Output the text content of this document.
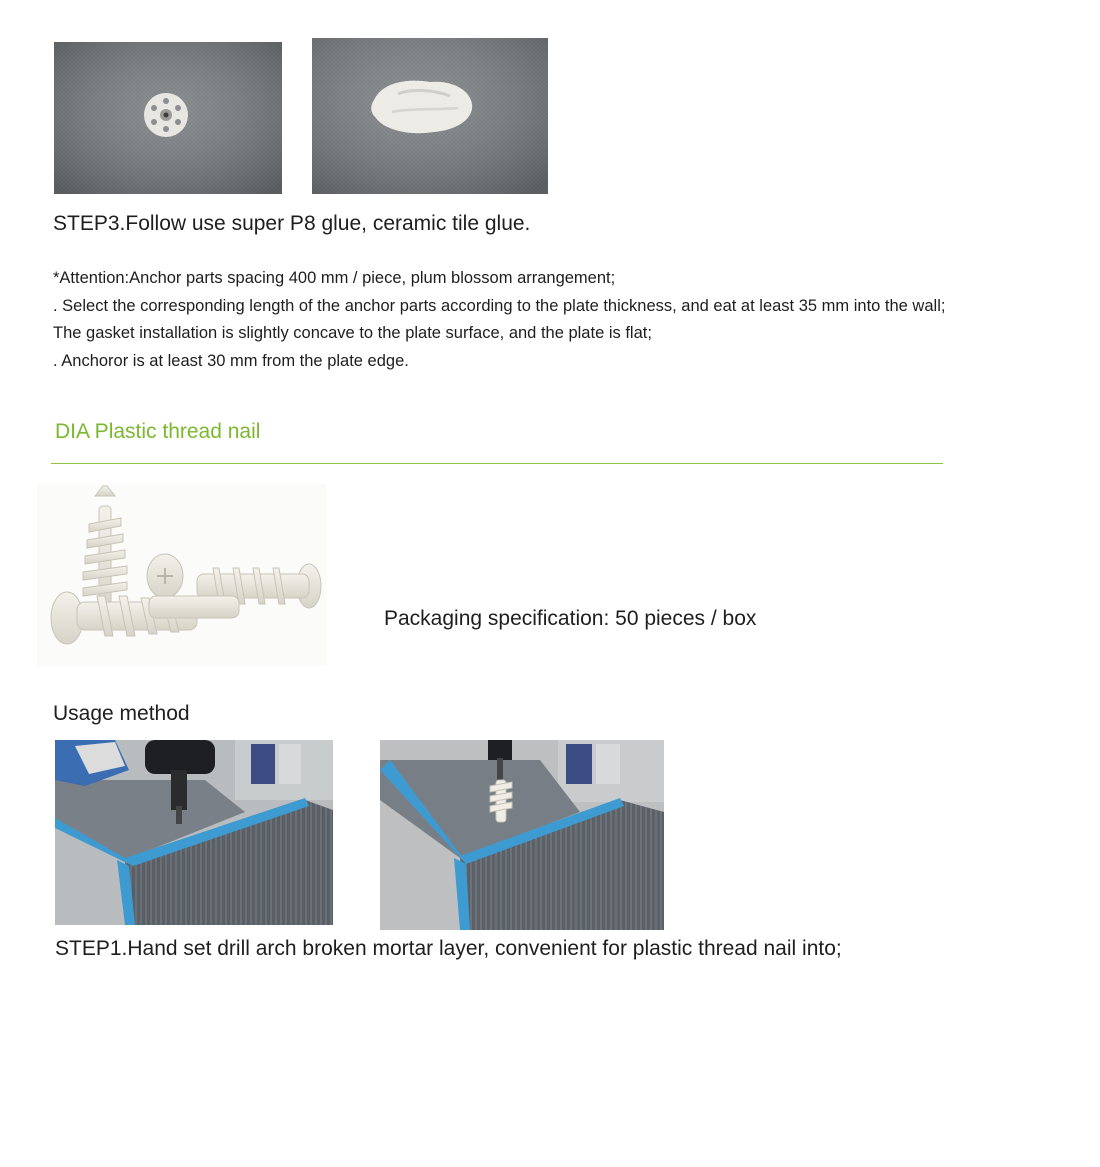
STEP3.Follow use super P8 glue, ceramic tile glue.
*Attention:Anchor parts spacing 400 mm / piece, plum blossom arrangement;
. Select the corresponding length of the anchor parts according to the plate thickness, and eat at least 35 mm into the wall;
The gasket installation is slightly concave to the plate surface, and the plate is flat;
. Anchoror is at least 30 mm from the plate edge.
DIA Plastic thread nail
Packaging specification: 50 pieces / box
Usage method
STEP1.Hand set drill arch broken mortar layer, convenient for plastic thread nail into;
